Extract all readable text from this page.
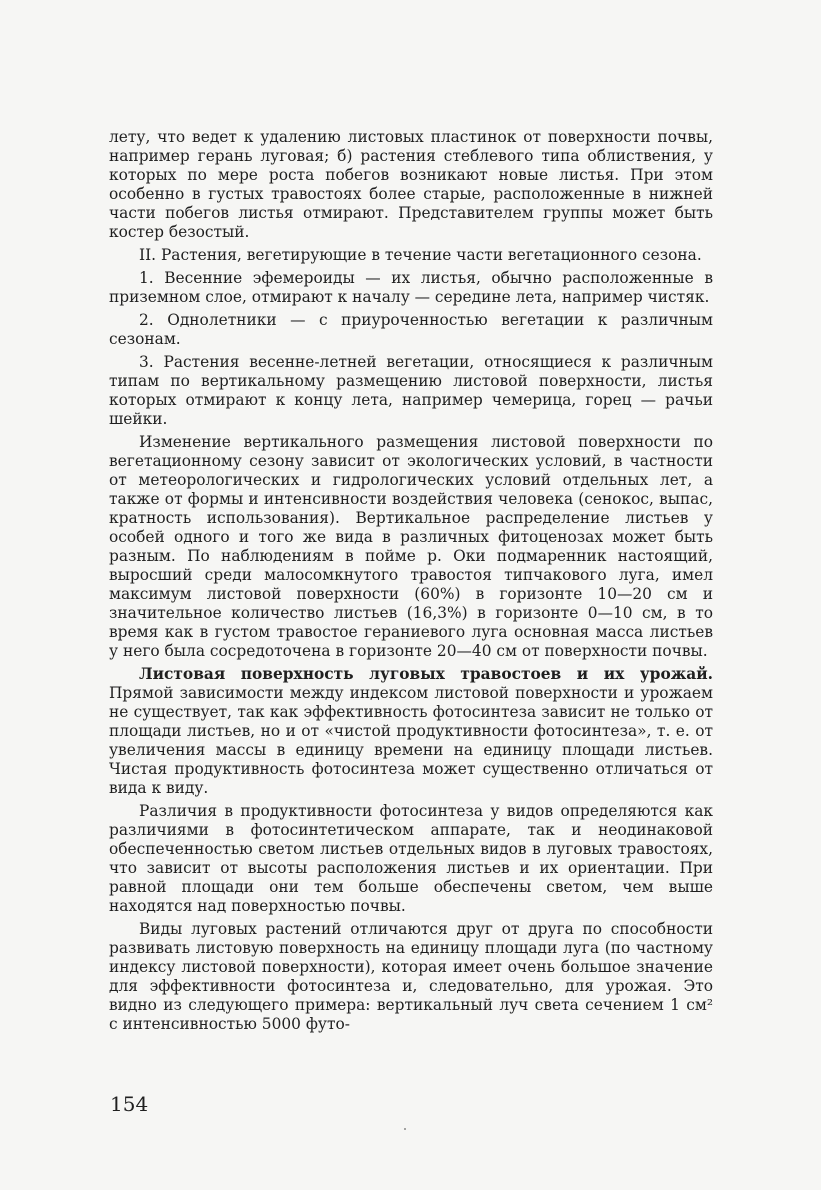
лету, что ведет к удалению листовых пластинок от поверхности почвы, например герань луговая; б) растения стеблевого типа облиствения, у которых по мере роста побегов возникают новые листья. При этом особенно в густых травостоях более старые, расположенные в нижней части побегов листья отмирают. Представителем группы может быть костер безостый.

II. Растения, вегетирующие в течение части вегетационного сезона.

1. Весенние эфемероиды — их листья, обычно расположенные в приземном слое, отмирают к началу — середине лета, например чистяк.

2. Однолетники — с приуроченностью вегетации к различным сезонам.

3. Растения весенне-летней вегетации, относящиеся к различным типам по вертикальному размещению листовой поверхности, листья которых отмирают к концу лета, например чемерица, горец — рачьи шейки.

Изменение вертикального размещения листовой поверхности по вегетационному сезону зависит от экологических условий, в частности от метеорологических и гидрологических условий отдельных лет, а также от формы и интенсивности воздействия человека (сенокос, выпас, кратность использования). Вертикальное распределение листьев у особей одного и того же вида в различных фитоценозах может быть разным. По наблюдениям в пойме р. Оки подмаренник настоящий, выросший среди малосомкнутого травостоя типчакового луга, имел максимум листовой поверхности (60%) в горизонте 10—20 см и значительное количество листьев (16,3%) в горизонте 0—10 см, в то время как в густом травостое гераниевого луга основная масса листьев у него была сосредоточена в горизонте 20—40 см от поверхности почвы.

Листовая поверхность луговых травостоев и их урожай. Прямой зависимости между индексом листовой поверхности и урожаем не существует, так как эффективность фотосинтеза зависит не только от площади листьев, но и от «чистой продуктивности фотосинтеза», т. е. от увеличения массы в единицу времени на единицу площади листьев. Чистая продуктивность фотосинтеза может существенно отличаться от вида к виду.

Различия в продуктивности фотосинтеза у видов определяются как различиями в фотосинтетическом аппарате, так и неодинаковой обеспеченностью светом листьев отдельных видов в луговых травостоях, что зависит от высоты расположения листьев и их ориентации. При равной площади они тем больше обеспечены светом, чем выше находятся над поверхностью почвы.

Виды луговых растений отличаются друг от друга по способности развивать листовую поверхность на единицу площади луга (по частному индексу листовой поверхности), которая имеет очень большое значение для эффективности фотосинтеза и, следовательно, для урожая. Это видно из следующего примера: вертикальный луч света сечением 1 см² с интенсивностью 5000 футо-

154
